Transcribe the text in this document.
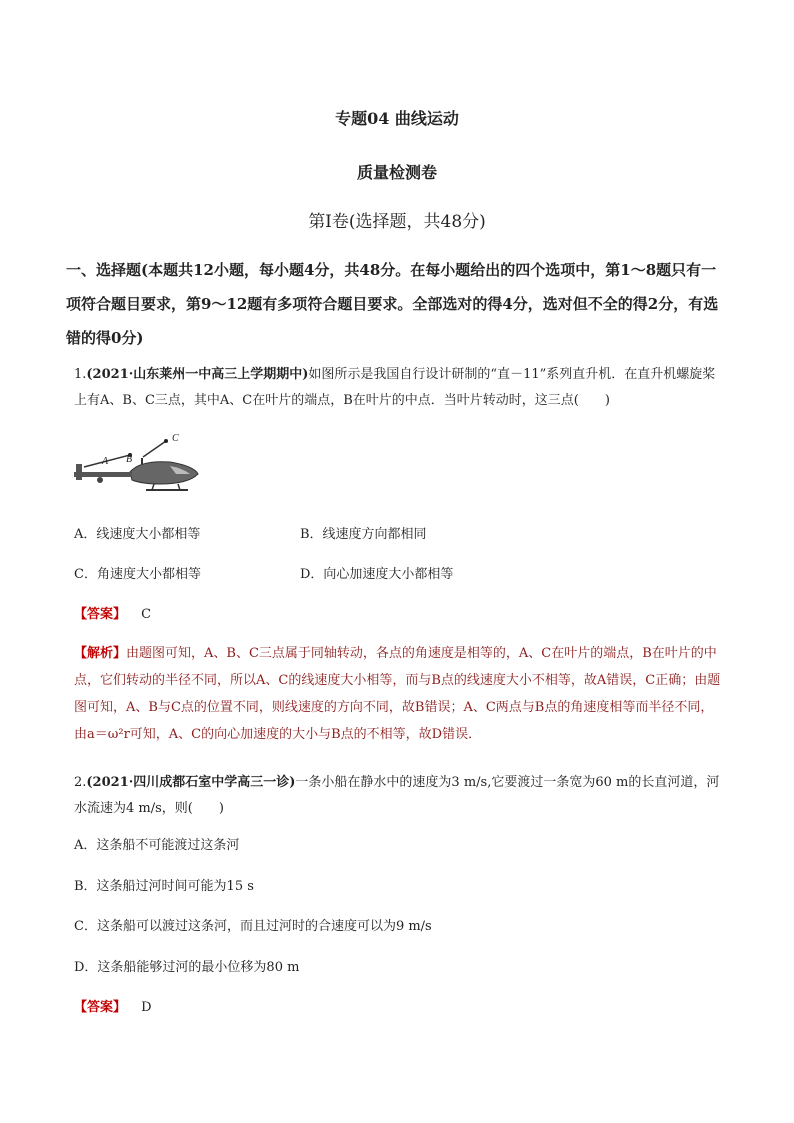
专题04 曲线运动
质量检测卷
第Ⅰ卷(选择题，共48分)
一、选择题(本题共12小题，每小题4分，共48分。在每小题给出的四个选项中，第1～8题只有一项符合题目要求，第9～12题有多项符合题目要求。全部选对的得4分，选对但不全的得2分，有选错的得0分)
1.(2021·山东莱州一中高三上学期期中)如图所示是我国自行设计研制的“直－11”系列直升机．在直升机螺旋桨上有A、B、C三点，其中A、C在叶片的端点，B在叶片的中点．当叶片转动时，这三点(　　)
A B
C
A．线速度大小都相等	B．线速度方向都相同
C．角速度大小都相等	D．向心加速度大小都相等
【答案】 C
【解析】由题图可知，A、B、C三点属于同轴转动，各点的角速度是相等的，A、C在叶片的端点，B在叶片的中点，它们转动的半径不同，所以A、C的线速度大小相等，而与B点的线速度大小不相等，故A错误，C正确；由题图可知，A、B与C点的位置不同，则线速度的方向不同，故B错误；A、C两点与B点的角速度相等而半径不同，由a＝ω²r可知，A、C的向心加速度的大小与B点的不相等，故D错误．
2.(2021·四川成都石室中学高三一诊)一条小船在静水中的速度为3 m/s,它要渡过一条宽为60 m的长直河道，河水流速为4 m/s，则(　　)
A．这条船不可能渡过这条河
B．这条船过河时间可能为15 s
C．这条船可以渡过这条河，而且过河时的合速度可以为9 m/s
D．这条船能够过河的最小位移为80 m
【答案】 D
